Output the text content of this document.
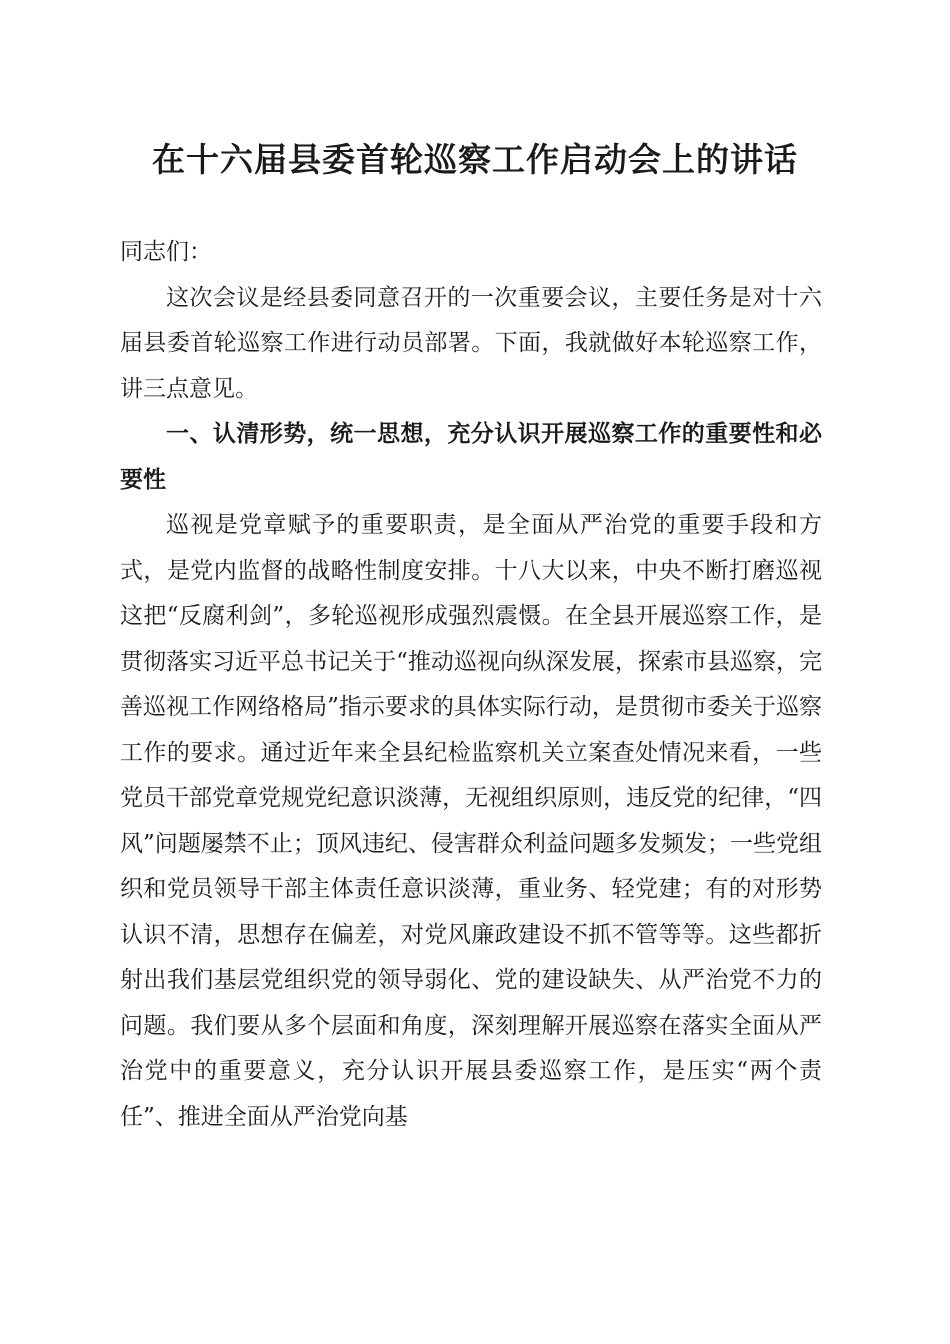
在十六届县委首轮巡察工作启动会上的讲话

同志们：

这次会议是经县委同意召开的一次重要会议，主要任务是对十六届县委首轮巡察工作进行动员部署。下面，我就做好本轮巡察工作，讲三点意见。

一、认清形势，统一思想，充分认识开展巡察工作的重要性和必要性

巡视是党章赋予的重要职责，是全面从严治党的重要手段和方式，是党内监督的战略性制度安排。十八大以来，中央不断打磨巡视这把“反腐利剑”，多轮巡视形成强烈震慑。在全县开展巡察工作，是贯彻落实习近平总书记关于“推动巡视向纵深发展，探索市县巡察，完善巡视工作网络格局”指示要求的具体实际行动，是贯彻市委关于巡察工作的要求。通过近年来全县纪检监察机关立案查处情况来看，一些党员干部党章党规党纪意识淡薄，无视组织原则，违反党的纪律，“四风”问题屡禁不止；顶风违纪、侵害群众利益问题多发频发；一些党组织和党员领导干部主体责任意识淡薄，重业务、轻党建；有的对形势认识不清，思想存在偏差，对党风廉政建设不抓不管等等。这些都折射出我们基层党组织党的领导弱化、党的建设缺失、从严治党不力的问题。我们要从多个层面和角度，深刻理解开展巡察在落实全面从严治党中的重要意义，充分认识开展县委巡察工作，是压实“两个责任”、推进全面从严治党向基
